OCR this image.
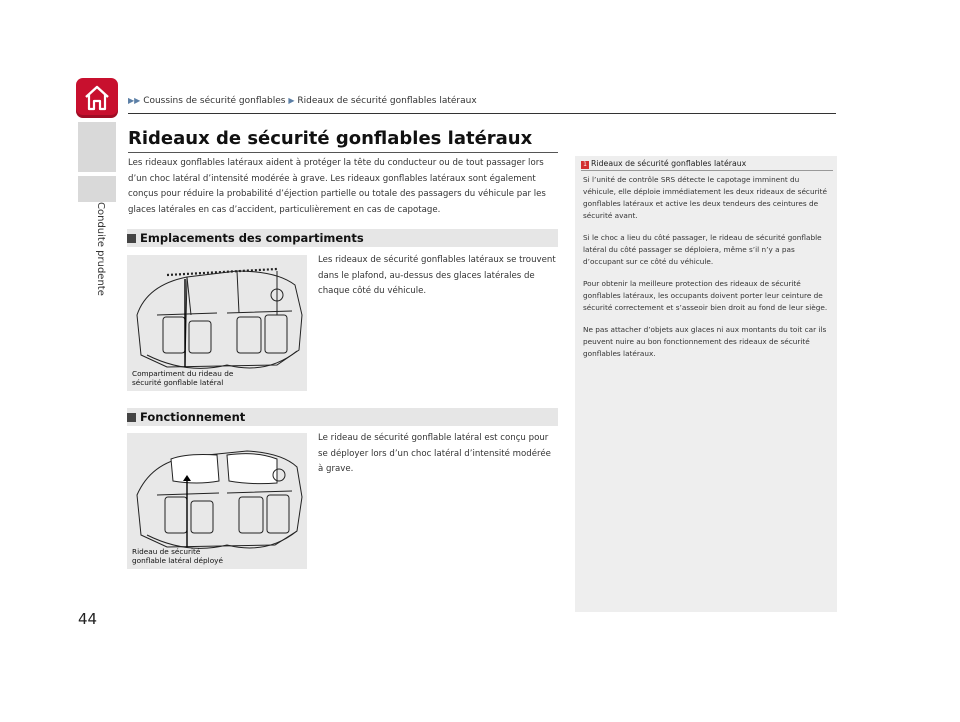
Conduite prudente
▶▶ Coussins de sécurité gonflables ▶ Rideaux de sécurité gonflables latéraux
Rideaux de sécurité gonflables latéraux

Les rideaux gonflables latéraux aident à protéger la tête du conducteur ou de tout passager lors d’un choc latéral d’intensité modérée à grave. Les rideaux gonflables latéraux sont également conçus pour réduire la probabilité d’éjection partielle ou totale des passagers du véhicule par les glaces latérales en cas d’accident, particulièrement en cas de capotage.

Emplacements des compartiments
Compartiment du rideau de
sécurité gonflable latéral

Les rideaux de sécurité gonflables latéraux se trouvent dans le plafond, au-dessus des glaces latérales de chaque côté du véhicule.

Fonctionnement
Rideau de sécurité
gonflable latéral déployé

Le rideau de sécurité gonflable latéral est conçu pour se déployer lors d’un choc latéral d’intensité modérée à grave.

1 Rideaux de sécurité gonflables latéraux

Si l’unité de contrôle SRS détecte le capotage imminent du véhicule, elle déploie immédiatement les deux rideaux de sécurité gonflables latéraux et active les deux tendeurs des ceintures de sécurité avant.

Si le choc a lieu du côté passager, le rideau de sécurité gonflable latéral du côté passager se déploiera, même s’il n’y a pas d’occupant sur ce côté du véhicule.

Pour obtenir la meilleure protection des rideaux de sécurité gonflables latéraux, les occupants doivent porter leur ceinture de sécurité correctement et s’asseoir bien droit au fond de leur siège.

Ne pas attacher d’objets aux glaces ni aux montants du toit car ils peuvent nuire au bon fonctionnement des rideaux de sécurité gonflables latéraux.

44
